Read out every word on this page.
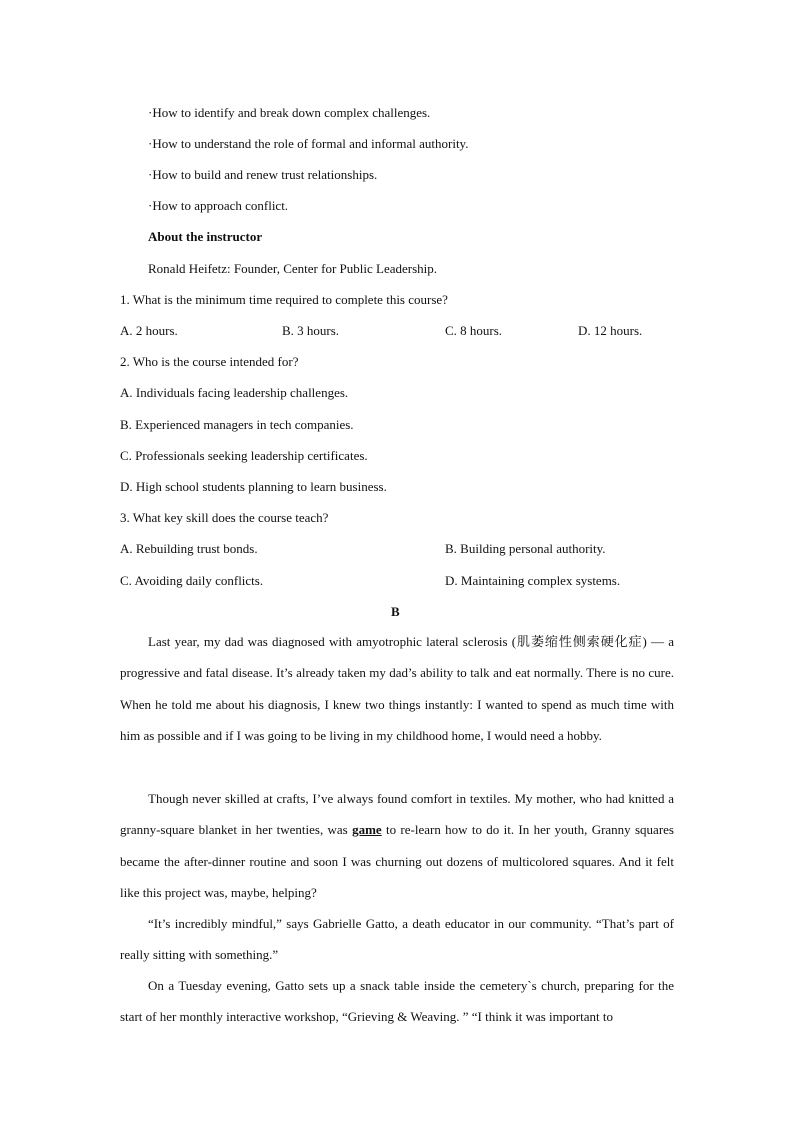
·How to identify and break down complex challenges.
·How to understand the role of formal and informal authority.
·How to build and renew trust relationships.
·How to approach conflict.
About the instructor
Ronald Heifetz: Founder, Center for Public Leadership.
1. What is the minimum time required to complete this course?
A. 2 hours.	B. 3 hours.	C. 8 hours.	D. 12 hours.
2. Who is the course intended for?
A. Individuals facing leadership challenges.
B. Experienced managers in tech companies.
C. Professionals seeking leadership certificates.
D. High school students planning to learn business.
3. What key skill does the course teach?
A. Rebuilding trust bonds.	B. Building personal authority.
C. Avoiding daily conflicts.	D. Maintaining complex systems.
B

Last year, my dad was diagnosed with amyotrophic lateral sclerosis (肌萎缩性侧索硬化症) — a progressive and fatal disease. It’s already taken my dad’s ability to talk and eat normally. There is no cure. When he told me about his diagnosis, I knew two things instantly: I wanted to spend as much time with him as possible and if I was going to be living in my childhood home, I would need a hobby.

Though never skilled at crafts, I’ve always found comfort in textiles. My mother, who had knitted a granny-square blanket in her twenties, was game to re-learn how to do it. In her youth, Granny squares became the after-dinner routine and soon I was churning out dozens of multicolored squares. And it felt like this project was, maybe, helping?

“It’s incredibly mindful,” says Gabrielle Gatto, a death educator in our community. “That’s part of really sitting with something.”

On a Tuesday evening, Gatto sets up a snack table inside the cemetery`s church, preparing for the start of her monthly interactive workshop, “Grieving & Weaving. ” “I think it was important to
